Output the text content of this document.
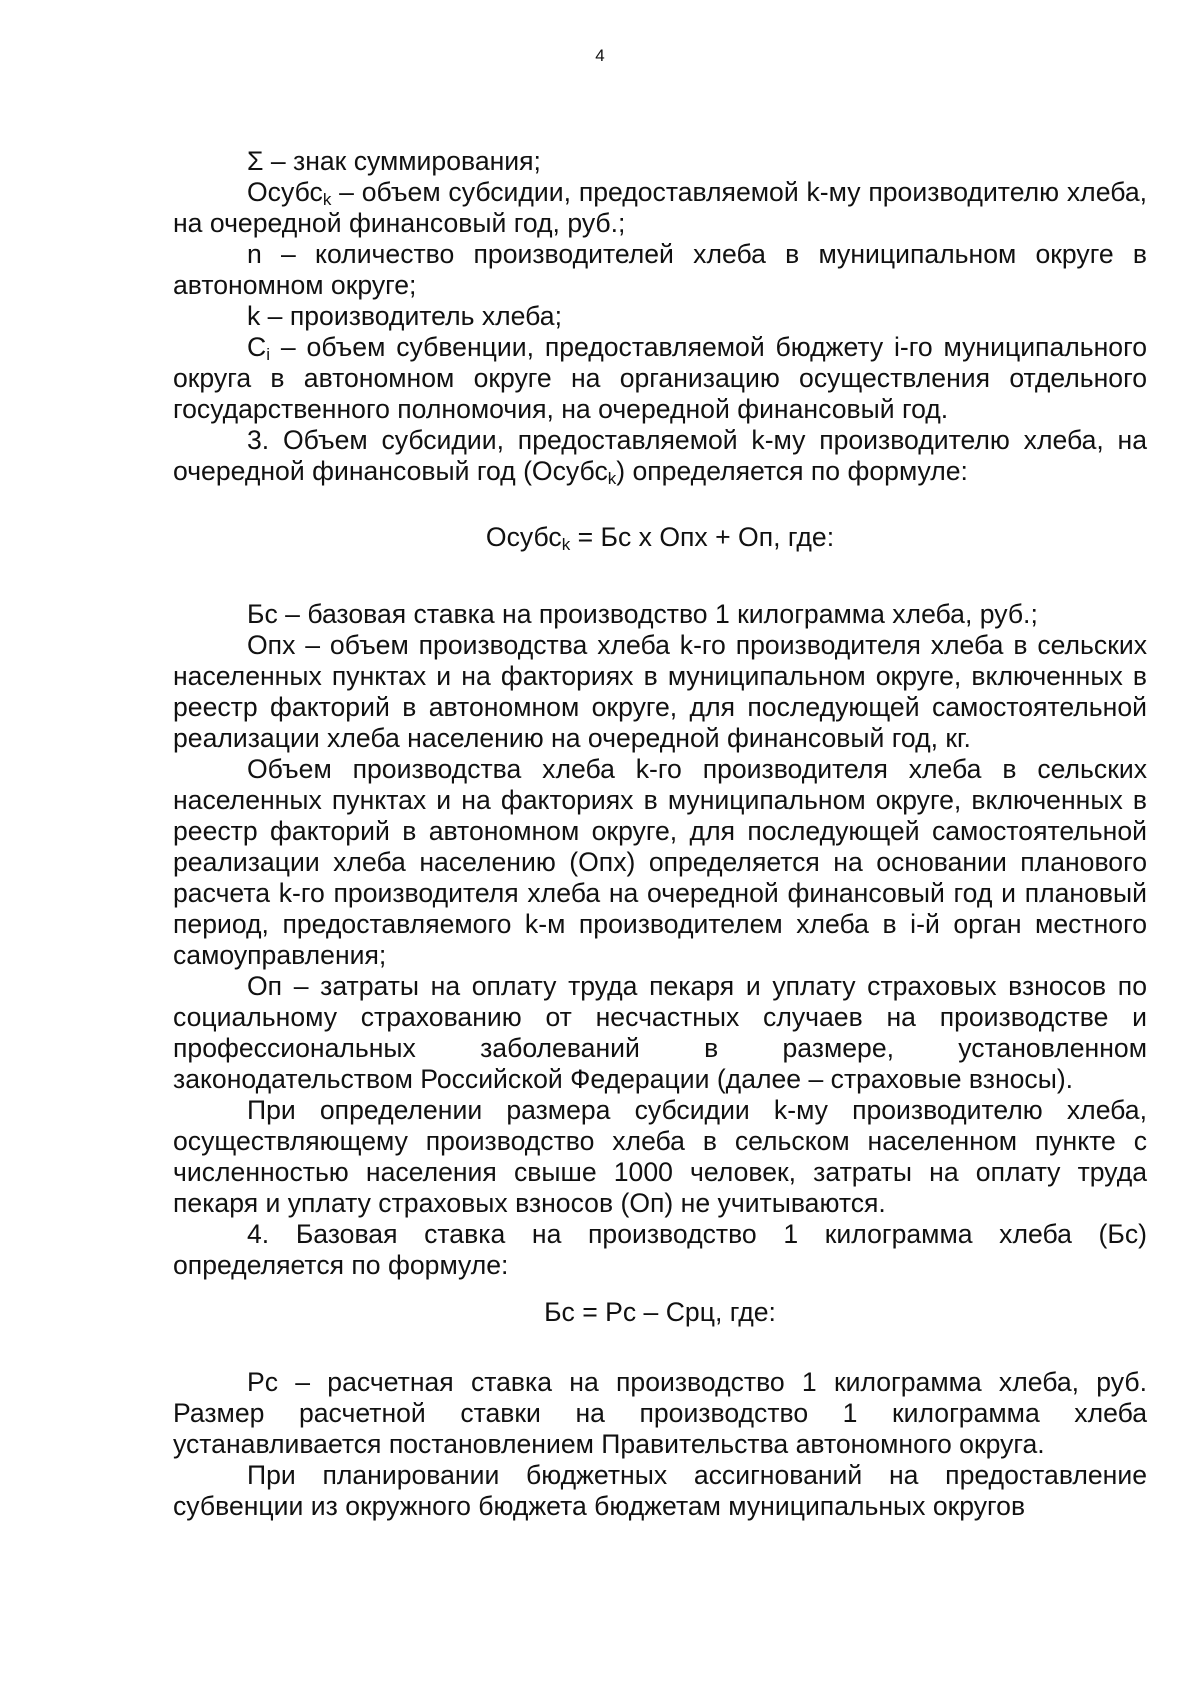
4

Σ – знак суммирования;

Осубс$_k$ – объем субсидии, предоставляемой k-му производителю хлеба, на очередной финансовый год, руб.;

n – количество производителей хлеба в муниципальном округе в автономном округе;

k – производитель хлеба;

$C_i$ – объем субвенции, предоставляемой бюджету i-го муниципального округа в автономном округе на организацию осуществления отдельного государственного полномочия, на очередной финансовый год.

3. Объем субсидии, предоставляемой k-му производителю хлеба, на очередной финансовый год (Осубс$_k$) определяется по формуле:

Осубс$_k$ = Бс х Опх + Оп, где:

Бс – базовая ставка на производство 1 килограмма хлеба, руб.;

Опх – объем производства хлеба k-го производителя хлеба в сельских населенных пунктах и на факториях в муниципальном округе, включенных в реестр факторий в автономном округе, для последующей самостоятельной реализации хлеба населению на очередной финансовый год, кг.

Объем производства хлеба k-го производителя хлеба в сельских населенных пунктах и на факториях в муниципальном округе, включенных в реестр факторий в автономном округе, для последующей самостоятельной реализации хлеба населению (Опх) определяется на основании планового расчета k-го производителя хлеба на очередной финансовый год и плановый период, предоставляемого k-м производителем хлеба в i-й орган местного самоуправления;

Оп – затраты на оплату труда пекаря и уплату страховых взносов по социальному страхованию от несчастных случаев на производстве и профессиональных заболеваний в размере, установленном законодательством Российской Федерации (далее – страховые взносы).

При определении размера субсидии k-му производителю хлеба, осуществляющему производство хлеба в сельском населенном пункте с численностью населения свыше 1000 человек, затраты на оплату труда пекаря и уплату страховых взносов (Оп) не учитываются.

4. Базовая ставка на производство 1 килограмма хлеба (Бс) определяется по формуле:

Бс = Рс – Срц, где:

Рс – расчетная ставка на производство 1 килограмма хлеба, руб. Размер расчетной ставки на производство 1 килограмма хлеба устанавливается постановлением Правительства автономного округа.

При планировании бюджетных ассигнований на предоставление субвенции из окружного бюджета бюджетам муниципальных округов
